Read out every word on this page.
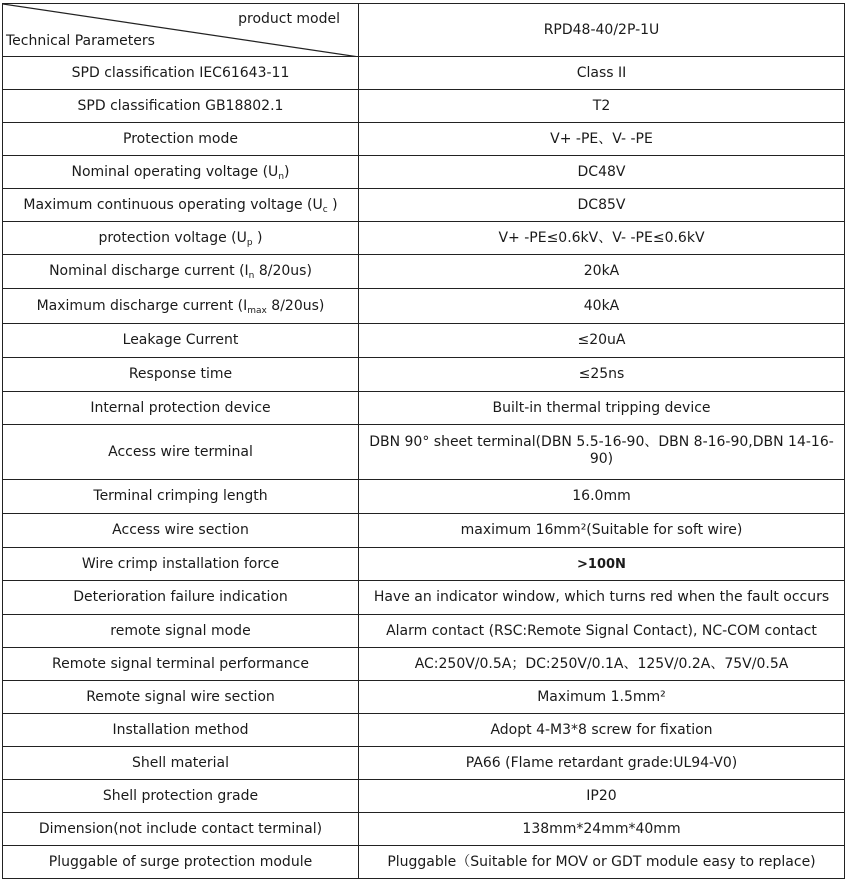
product model
Technical Parameters	RPD48-40/2P-1U
SPD classification IEC61643-11	Class II
SPD classification GB18802.1	T2
Protection mode	V+ -PE、V- -PE
Nominal operating voltage $(U_n)$	DC48V
Maximum continuous operating voltage ($U_c$ )	DC85V
protection voltage ($U_p$ )	V+ -PE≤0.6kV、V- -PE≤0.6kV
Nominal discharge current ($I_n$ 8/20us)	20kA
Maximum discharge current ($I_{max}$ 8/20us)	40kA
Leakage Current	≤20uA
Response time	≤25ns
Internal protection device	Built-in thermal tripping device
Access wire terminal	DBN 90° sheet terminal(DBN 5.5-16-90、DBN 8-16-90,DBN 14-16-90)
Terminal crimping length	16.0mm
Access wire section	maximum 16mm²(Suitable for soft wire)
Wire crimp installation force	>100N
Deterioration failure indication	Have an indicator window, which turns red when the fault occurs
remote signal mode	Alarm contact (RSC:Remote Signal Contact), NC-COM contact
Remote signal terminal performance	AC:250V/0.5A；DC:250V/0.1A、125V/0.2A、75V/0.5A
Remote signal wire section	Maximum 1.5mm²
Installation method	Adopt 4-M3*8 screw for fixation
Shell material	PA66 (Flame retardant grade:UL94-V0)
Shell protection grade	IP20
Dimension(not include contact terminal)	138mm*24mm*40mm
Pluggable of surge protection module	Pluggable（Suitable for MOV or GDT module easy to replace)
